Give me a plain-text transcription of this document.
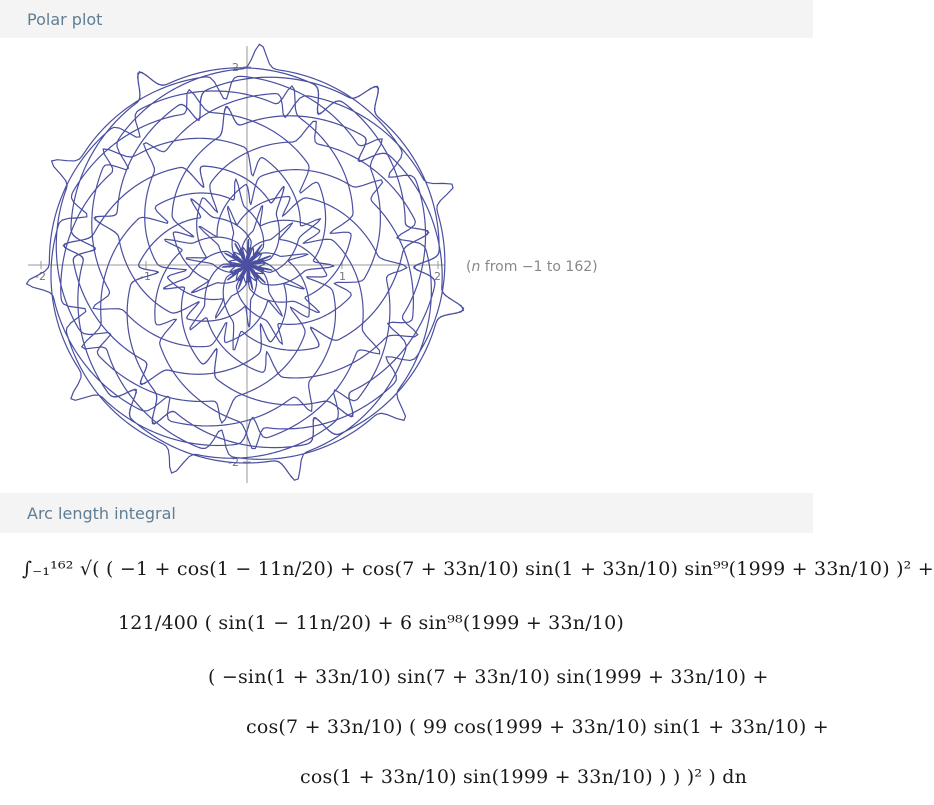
Polar plot
-2	-1	1	2
2
-2
(n from −1 to 162)
Arc length integral
∫₋₁¹⁶² √( ( −1 + cos(1 − 11n/20) + cos(7 + 33n/10) sin(1 + 33n/10) sin⁹⁹(1999 + 33n/10) )² +
121/400 ( sin(1 − 11n/20) + 6 sin⁹⁸(1999 + 33n/10)
( −sin(1 + 33n/10) sin(7 + 33n/10) sin(1999 + 33n/10) +
cos(7 + 33n/10) ( 99 cos(1999 + 33n/10) sin(1 + 33n/10) +
cos(1 + 33n/10) sin(1999 + 33n/10) ) ) )² ) dn
